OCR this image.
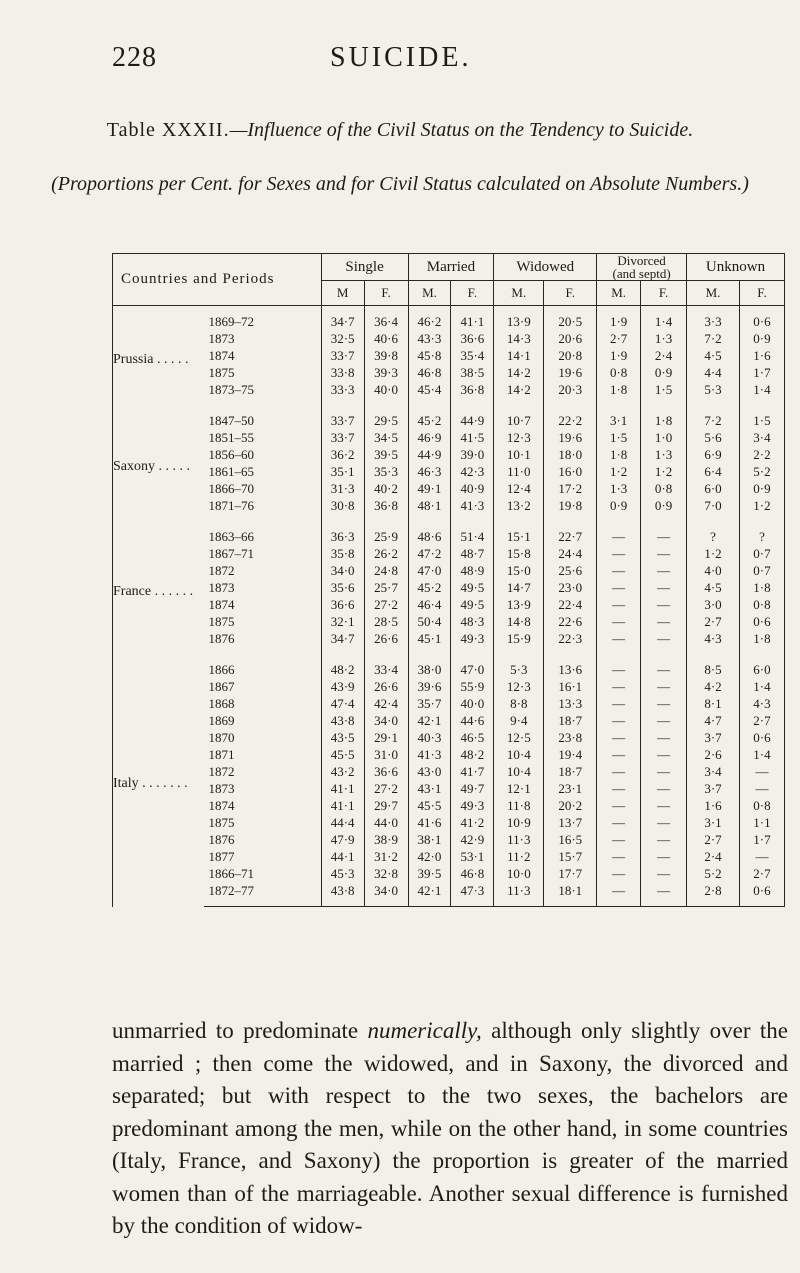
228	SUICIDE.
Table XXXII.—Influence of the Civil Status on the Tendency to Suicide.
(Proportions per Cent. for Sexes and for Civil Status calculated on Absolute Numbers.)
Countries and Periods		Single		Married		Widowed		Divorced
(and septd)		Unknown	
		M	F.	M.	F.	M.	F.	M.	F.	M.	F.
Prussia . . . . .	1869–72	34·7	36·4	46·2	41·1	13·9	20·5	1·9	1·4	3·3	0·6
	1873	32·5	40·6	43·3	36·6	14·3	20·6	2·7	1·3	7·2	0·9
	1874	33·7	39·8	45·8	35·4	14·1	20·8	1·9	2·4	4·5	1·6
	1875	33·8	39·3	46·8	38·5	14·2	19·6	0·8	0·9	4·4	1·7
	1873–75	33·3	40·0	45·4	36·8	14·2	20·3	1·8	1·5	5·3	1·4
Saxony . . . . .	1847–50	33·7	29·5	45·2	44·9	10·7	22·2	3·1	1·8	7·2	1·5
	1851–55	33·7	34·5	46·9	41·5	12·3	19·6	1·5	1·0	5·6	3·4
	1856–60	36·2	39·5	44·9	39·0	10·1	18·0	1·8	1·3	6·9	2·2
	1861–65	35·1	35·3	46·3	42·3	11·0	16·0	1·2	1·2	6·4	5·2
	1866–70	31·3	40·2	49·1	40·9	12·4	17·2	1·3	0·8	6·0	0·9
	1871–76	30·8	36·8	48·1	41·3	13·2	19·8	0·9	0·9	7·0	1·2
France . . . . . .	1863–66	36·3	25·9	48·6	51·4	15·1	22·7	—	—	?	?
	1867–71	35·8	26·2	47·2	48·7	15·8	24·4	—	—	1·2	0·7
	1872	34·0	24·8	47·0	48·9	15·0	25·6	—	—	4·0	0·7
	1873	35·6	25·7	45·2	49·5	14·7	23·0	—	—	4·5	1·8
	1874	36·6	27·2	46·4	49·5	13·9	22·4	—	—	3·0	0·8
	1875	32·1	28·5	50·4	48·3	14·8	22·6	—	—	2·7	0·6
	1876	34·7	26·6	45·1	49·3	15·9	22·3	—	—	4·3	1·8
Italy . . . . . . .	1866	48·2	33·4	38·0	47·0	5·3	13·6	—	—	8·5	6·0
	1867	43·9	26·6	39·6	55·9	12·3	16·1	—	—	4·2	1·4
	1868	47·4	42·4	35·7	40·0	8·8	13·3	—	—	8·1	4·3
	1869	43·8	34·0	42·1	44·6	9·4	18·7	—	—	4·7	2·7
	1870	43·5	29·1	40·3	46·5	12·5	23·8	—	—	3·7	0·6
	1871	45·5	31·0	41·3	48·2	10·4	19·4	—	—	2·6	1·4
	1872	43·2	36·6	43·0	41·7	10·4	18·7	—	—	3·4	—
	1873	41·1	27·2	43·1	49·7	12·1	23·1	—	—	3·7	—
	1874	41·1	29·7	45·5	49·3	11·8	20·2	—	—	1·6	0·8
	1875	44·4	44·0	41·6	41·2	10·9	13·7	—	—	3·1	1·1
	1876	47·9	38·9	38·1	42·9	11·3	16·5	—	—	2·7	1·7
	1877	44·1	31·2	42·0	53·1	11·2	15·7	—	—	2·4	—
	1866–71	45·3	32·8	39·5	46·8	10·0	17·7	—	—	5·2	2·7
	1872–77	43·8	34·0	42·1	47·3	11·3	18·1	—	—	2·8	0·6
unmarried to predominate numerically, although only slightly over the married ; then come the widowed, and in Saxony, the divorced and separated; but with respect to the two sexes, the bachelors are predominant among the men, while on the other hand, in some countries (Italy, France, and Saxony) the proportion is greater of the married women than of the marriageable. Another sexual difference is furnished by the condition of widow-
